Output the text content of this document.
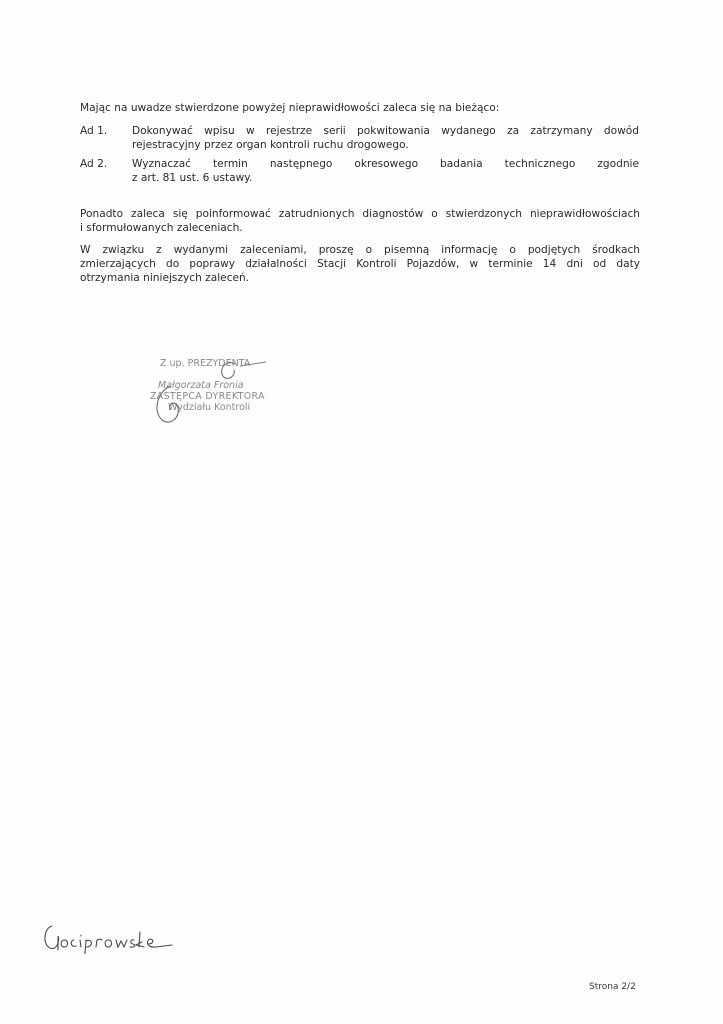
Mając na uwadze stwierdzone powyżej nieprawidłowości zaleca się na bieżąco:
Ad 1. Dokonywać wpisu w rejestrze serii pokwitowania wydanego za zatrzymany dowód
rejestracyjny przez organ kontroli ruchu drogowego.
Ad 2. Wyznaczać termin następnego okresowego badania technicznego zgodnie
z art. 81 ust. 6 ustawy.
Ponadto zaleca się poinformować zatrudnionych diagnostów o stwierdzonych nieprawidłowościach
i sformułowanych zaleceniach.
W związku z wydanymi zaleceniami, proszę o pisemną informację o podjętych środkach
zmierzających do poprawy działalności Stacji Kontroli Pojazdów, w terminie 14 dni od daty
otrzymania niniejszych zaleceń.
Z up. PREZYDENTA
Małgorzata Fronia
ZASTĘPCA DYREKTORA
Wydziału Kontroli
Strona 2/2
